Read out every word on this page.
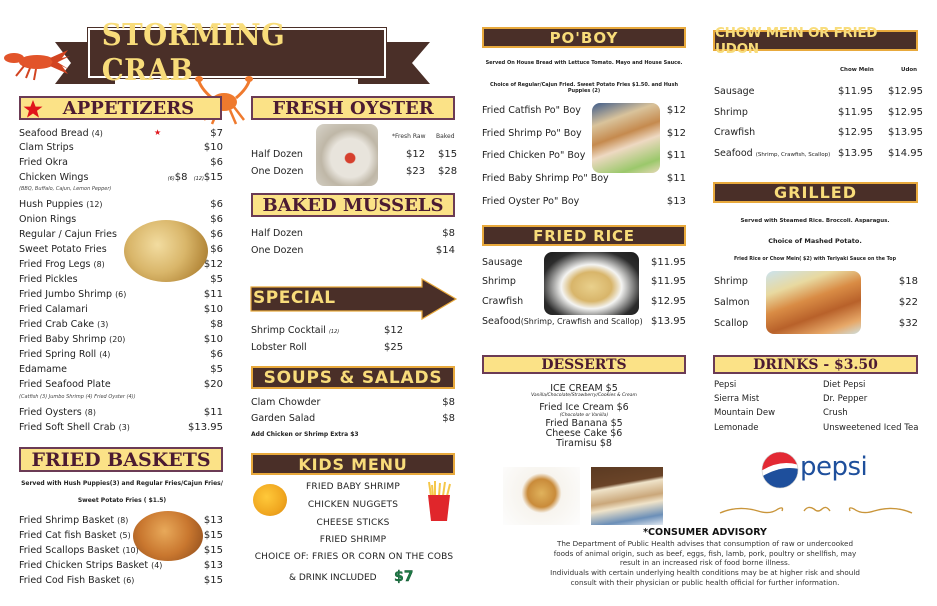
STORMING CRAB
APPETIZERS
★
Seafood Bread (4)	$7
Clam Strips	$10
Fried Okra	$6
Chicken Wings	(6)$8 (12)$15
(BBQ, Buffalo, Cajun, Lemon Pepper)
Hush Puppies (12)	$6
Onion Rings	$6
Regular / Cajun Fries	$6
Sweet Potato Fries	$6
Fried Frog Legs (8)	$12
Fried Pickles	$5
Fried Jumbo Shrimp (6)	$11
Fried Calamari	$10
Fried Crab Cake (3)	$8
Fried Baby Shrimp (20)	$10
Fried Spring Roll (4)	$6
Edamame	$5
Fried Seafood Plate	$20
(Catfish (3) Jumbo Shrimp (4) Fried Oyster (4))
Fried Oysters (8)	$11
Fried Soft Shell Crab (3)	$13.95
FRIED BASKETS
Served with Hush Puppies(3) and Regular Fries/Cajun Fries/
Sweet Potato Fries ( $1.5)
Fried Shrimp Basket (8)	$13
Fried Cat fish Basket (5)	$15
Fried Scallops Basket (10)	$15
Fried Chicken Strips Basket (4)	$13
Fried Cod Fish Basket (6)	$15
FRESH OYSTER
*Fresh Raw Baked
Half Dozen	$12 $15
One Dozen	$23 $28
BAKED MUSSELS
Half Dozen	$8
One Dozen	$14
SPECIAL
Shrimp Cocktail (12)	$12
Lobster Roll	$25
SOUPS & SALADS
Clam Chowder	$8
Garden Salad	$8
Add Chicken or Shrimp Extra $3
KIDS MENU
FRIED BABY SHRIMP
CHICKEN NUGGETS
CHEESE STICKS
FRIED SHRIMP
CHOICE OF: FRIES OR CORN ON THE COBS
& DRINK INCLUDED $7
PO'BOY
Served On House Bread with Lettuce Tomato. Mayo and House Sauce.
Choice of Regular/Cajun Fried. Sweet Potato Fries $1.50. and Hush Puppies (2)
Fried Catfish Po" Boy	$12
Fried Shrimp Po" Boy	$12
Fried Chicken Po" Boy	$11
Fried Baby Shrimp Po" Boy	$11
Fried Oyster Po" Boy	$13
FRIED RICE
Sausage	$11.95
Shrimp	$11.95
Crawfish	$12.95
Seafood(Shrimp, Crawfish and Scallop) $13.95
DESSERTS
ICE CREAM $5
Vanilla/Chocolate/Strawberry/Cookies & Cream
Fried Ice Cream $6
(Chocolate or Vanilla)
Fried Banana $5
Cheese Cake $6
Tiramisu $8
CHOW MEIN OR FRIED UDON
Chow Mein	Udon
Sausage	$11.95 $12.95
Shrimp	$11.95 $12.95
Crawfish	$12.95 $13.95
Seafood (Shrimp, Crawfish, Scallop) $13.95 $14.95
GRILLED
Served with Steamed Rice. Broccoli. Asparagus.
Choice of Mashed Potato.
Fried Rice or Chow Mein( $2) with Teriyaki Sauce on the Top
Shrimp	$18
Salmon	$22
Scallop	$32
DRINKS - $3.50
Pepsi
Sierra Mist
Mountain Dew
Lemonade
Diet Pepsi
Dr. Pepper
Crush
Unsweetened Iced Tea
pepsi
*CONSUMER ADVISORY
The Department of Public Health advises that consumption of raw or undercooked
foods of animal origin, such as beef, eggs, fish, lamb, pork, poultry or shellfish, may
result in an increased risk of food borne illness.
Individuals with certain underlying health conditions may be at higher risk and should
consult with their physician or public health official for further information.
